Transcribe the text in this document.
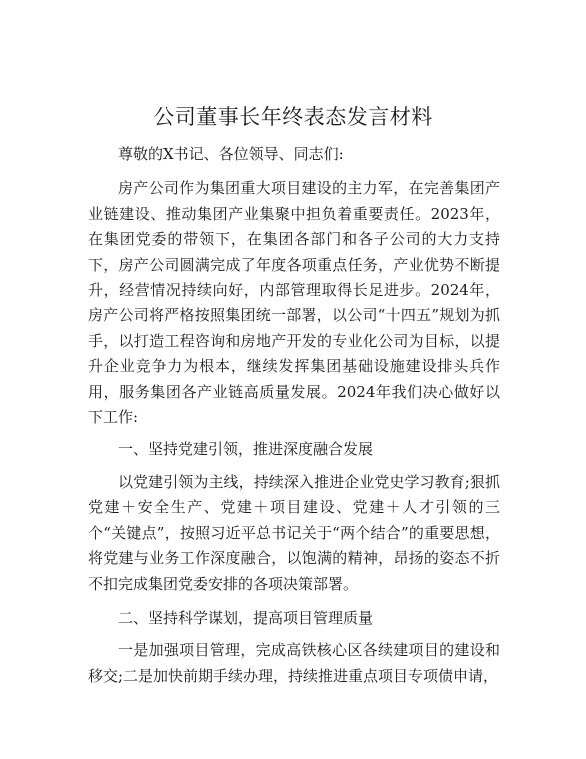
公司董事长年终表态发言材料

尊敬的X书记、各位领导、同志们:

房产公司作为集团重大项目建设的主力军，在完善集团产业链建设、推动集团产业集聚中担负着重要责任。2023年，在集团党委的带领下，在集团各部门和各子公司的大力支持下，房产公司圆满完成了年度各项重点任务，产业优势不断提升，经营情况持续向好，内部管理取得长足进步。2024年，房产公司将严格按照集团统一部署，以公司“十四五”规划为抓手，以打造工程咨询和房地产开发的专业化公司为目标，以提升企业竞争力为根本，继续发挥集团基础设施建设排头兵作用，服务集团各产业链高质量发展。2024年我们决心做好以下工作:

一、坚持党建引领，推进深度融合发展

以党建引领为主线，持续深入推进企业党史学习教育;狠抓党建＋安全生产、党建＋项目建设、党建＋人才引领的三个“关键点”，按照习近平总书记关于“两个结合”的重要思想，将党建与业务工作深度融合，以饱满的精神，昂扬的姿态不折不扣完成集团党委安排的各项决策部署。

二、坚持科学谋划，提高项目管理质量

一是加强项目管理，完成高铁核心区各续建项目的建设和移交;二是加快前期手续办理，持续推进重点项目专项债申请，
